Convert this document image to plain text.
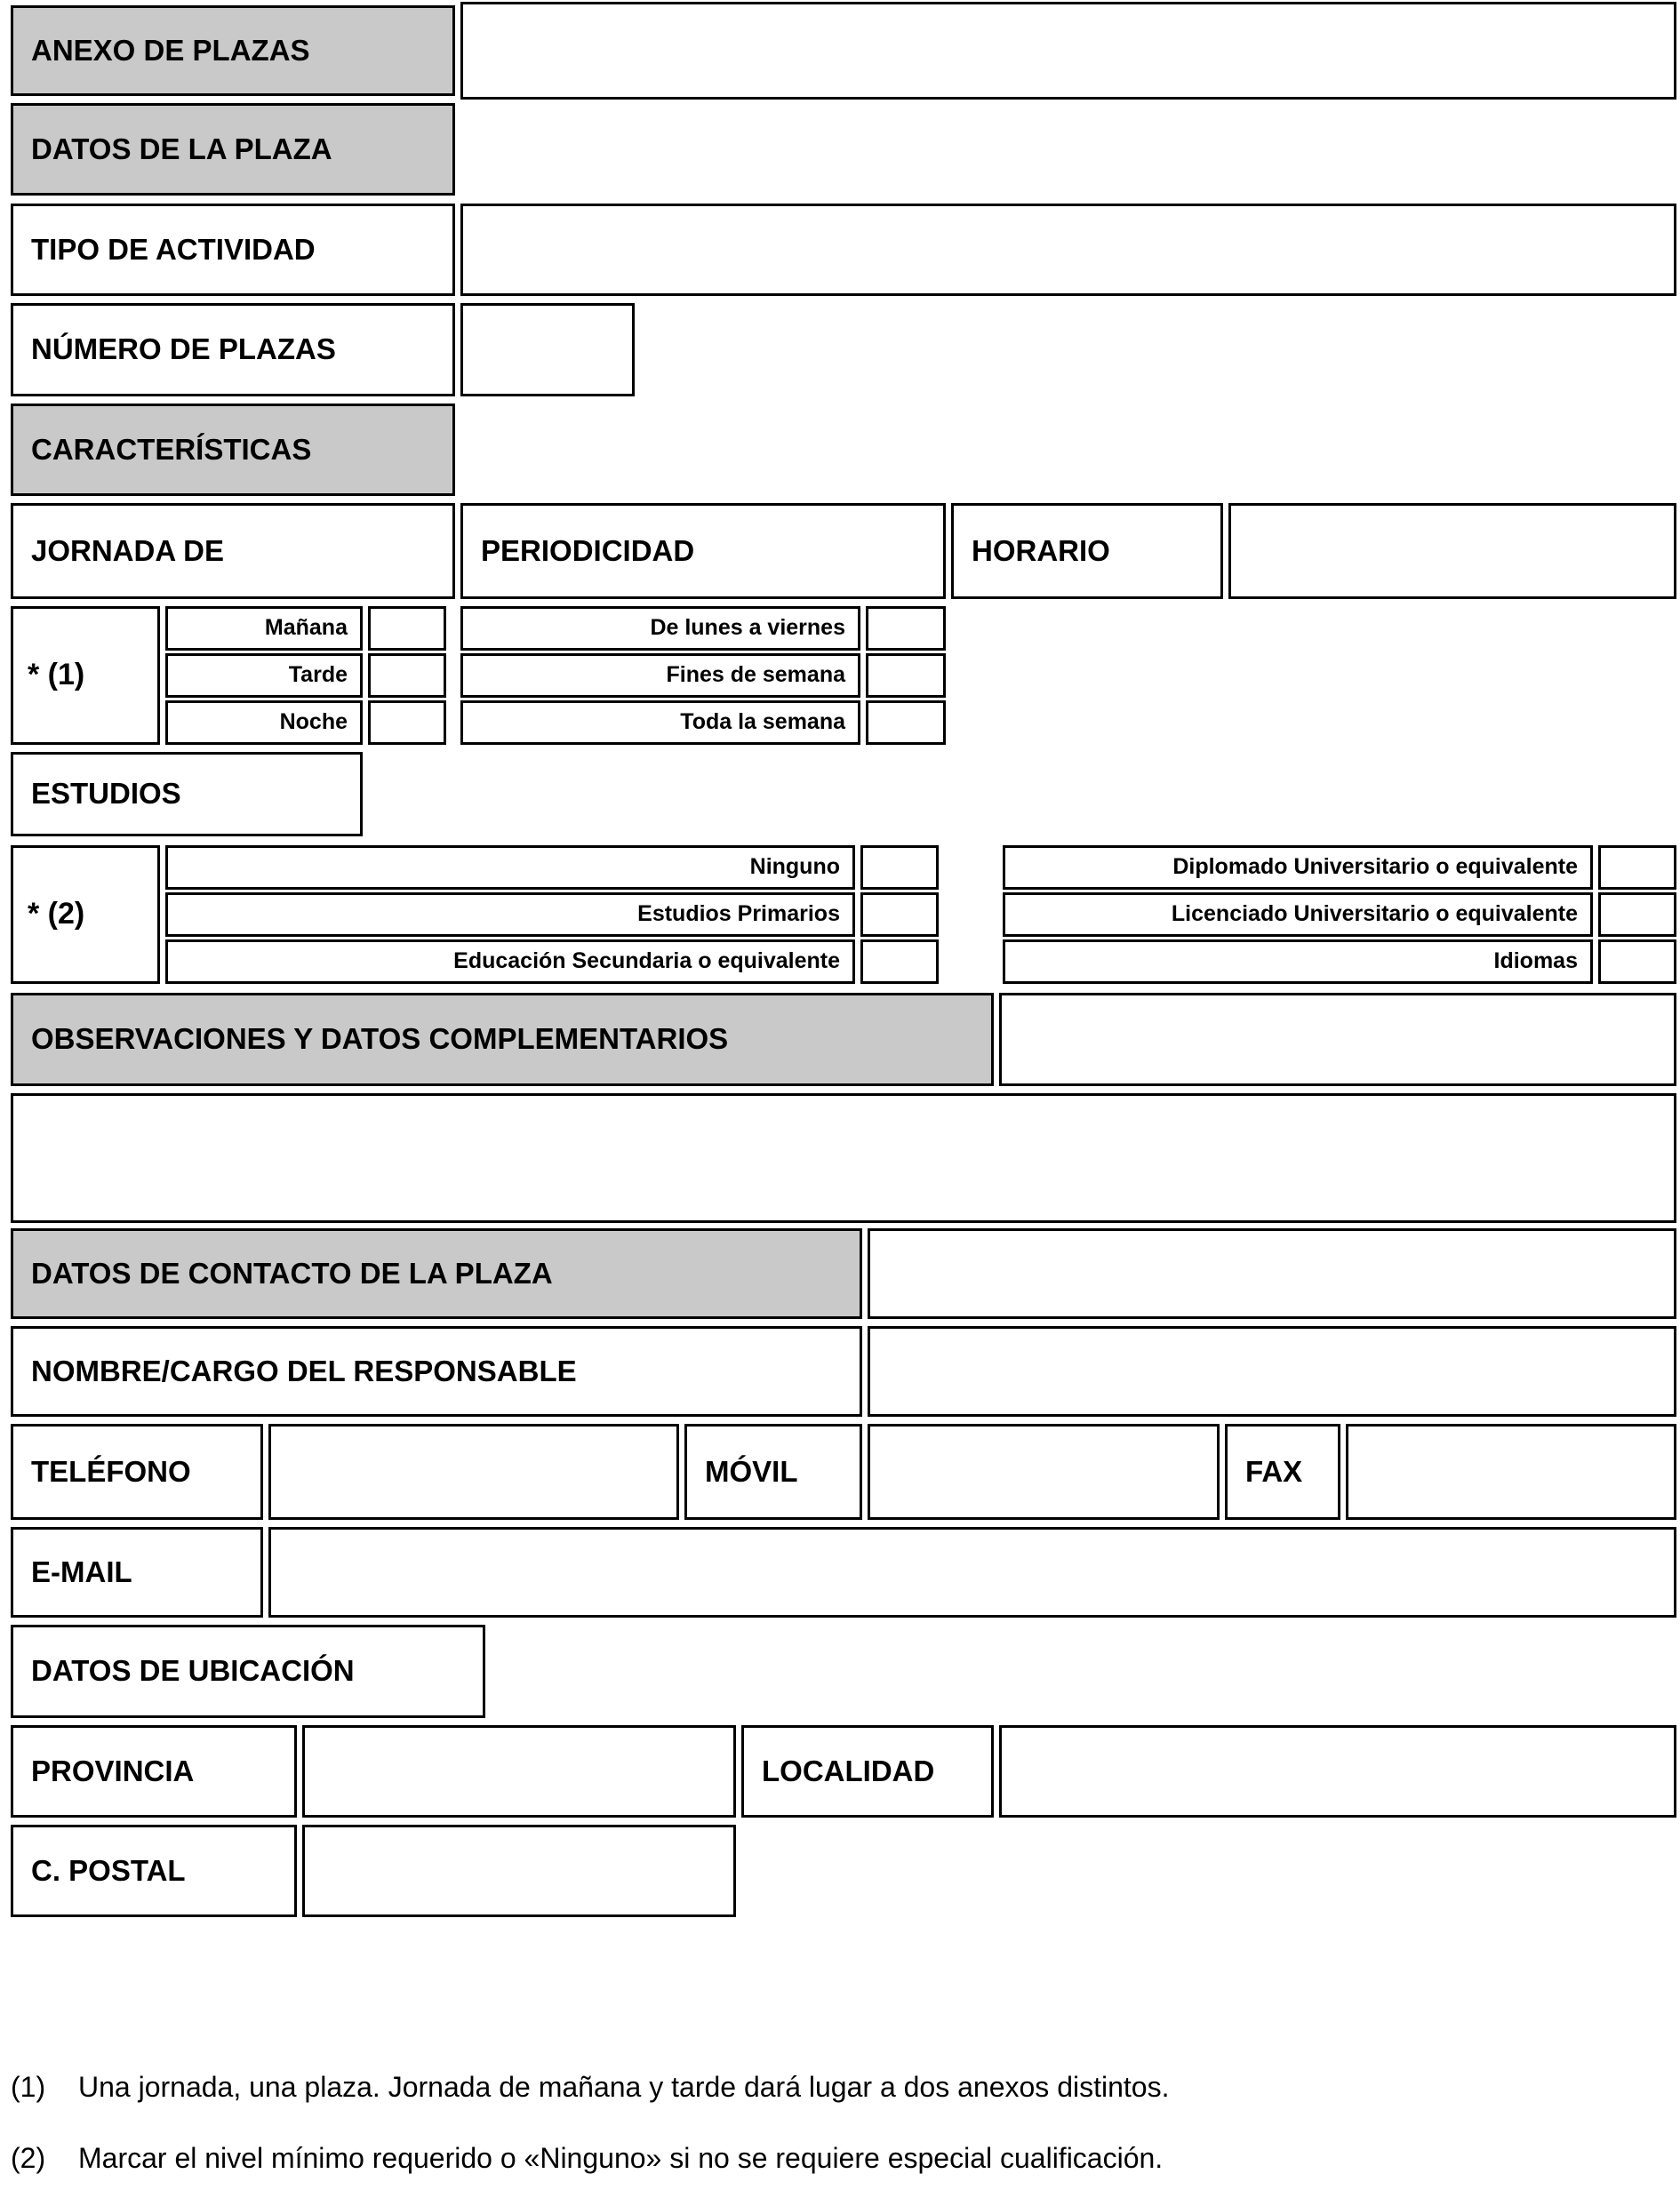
ANEXO DE PLAZAS
DATOS DE LA PLAZA
TIPO DE ACTIVIDAD
NÚMERO DE PLAZAS
CARACTERÍSTICAS
JORNADA DE	PERIODICIDAD	HORARIO
* (1)
Mañana
Tarde
Noche
De lunes a viernes
Fines de semana
Toda la semana
ESTUDIOS
* (2)
Ninguno
Estudios Primarios
Educación Secundaria o equivalente
Diplomado Universitario o equivalente
Licenciado Universitario o equivalente
Idiomas
OBSERVACIONES Y DATOS COMPLEMENTARIOS
DATOS DE CONTACTO DE LA PLAZA
NOMBRE/CARGO DEL RESPONSABLE
TELÉFONO	MÓVIL	FAX
E-MAIL
DATOS DE UBICACIÓN
PROVINCIA	LOCALIDAD
C. POSTAL
(1)	Una jornada, una plaza. Jornada de mañana y tarde dará lugar a dos anexos distintos.
(2)	Marcar el nivel mínimo requerido o «Ninguno» si no se requiere especial cualificación.
